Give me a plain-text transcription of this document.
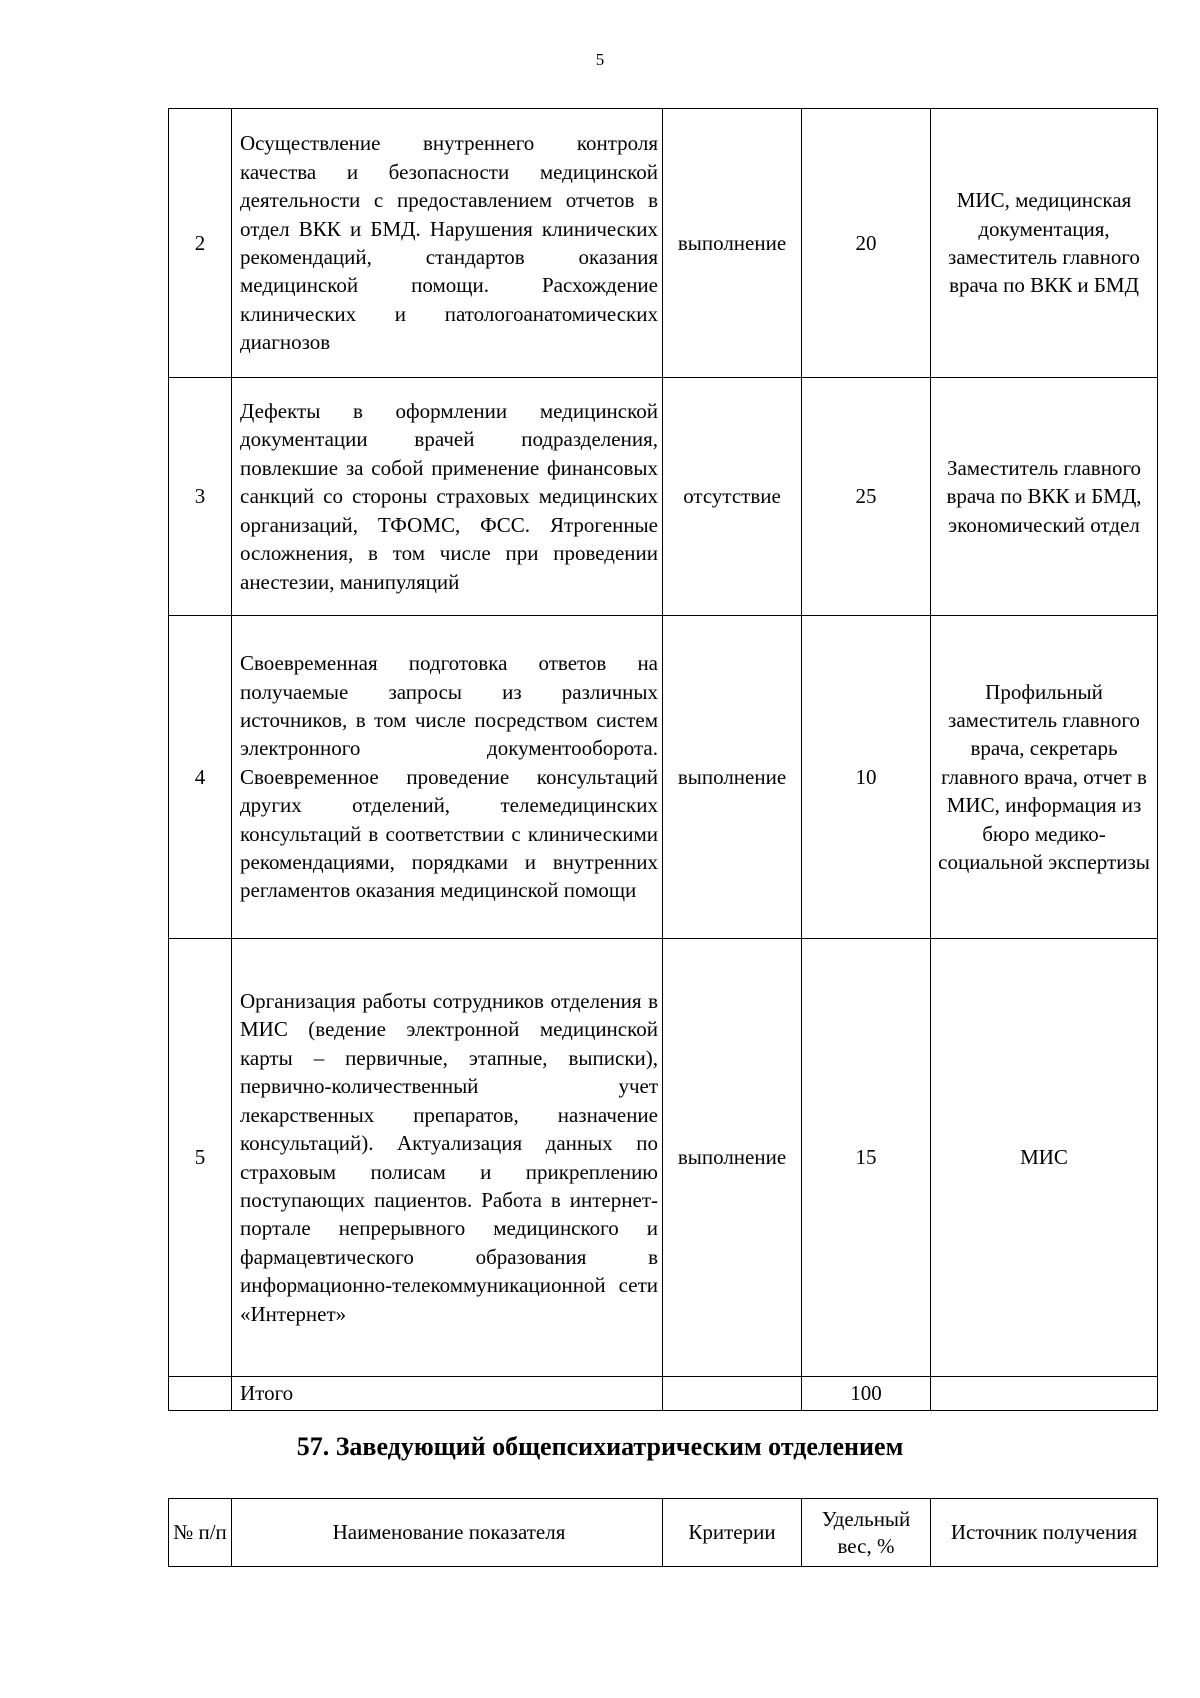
5
2	Осуществление внутреннего контроля качества и безопасности медицинской деятельности с предоставлением отчетов в отдел ВКК и БМД. Нарушения клинических рекомендаций, стандартов оказания медицинской помощи. Расхождение клинических и патологоанатомических диагнозов	выполнение	20	МИС, медицинская документация, заместитель главного врача по ВКК и БМД
3	Дефекты в оформлении медицинской документации врачей подразделения, повлекшие за собой применение финансовых санкций со стороны страховых медицинских организаций, ТФОМС, ФСС. Ятрогенные осложнения, в том числе при проведении анестезии, манипуляций	отсутствие	25	Заместитель главного врача по ВКК и БМД, экономический отдел
4	Своевременная подготовка ответов на получаемые запросы из различных источников, в том числе посредством систем электронного документооборота. Своевременное проведение консультаций других отделений, телемедицинских консультаций в соответствии с клиническими рекомендациями, порядками и внутренних регламентов оказания медицинской помощи	выполнение	10	Профильный заместитель главного врача, секретарь главного врача, отчет в МИС, информация из бюро медико-социальной экспертизы
5	Организация работы сотрудников отделения в МИС (ведение электронной медицинской карты – первичные, этапные, выписки), первично-количественный учет лекарственных препаратов, назначение консультаций). Актуализация данных по страховым полисам и прикреплению поступающих пациентов. Работа в интернет-портале непрерывного медицинского и фармацевтического образования в информационно-телекоммуникационной сети «Интернет»	выполнение	15	МИС
	Итого		100	
57. Заведующий общепсихиатрическим отделением
№ п/п	Наименование показателя	Критерии	Удельный вес, %	Источник получения
